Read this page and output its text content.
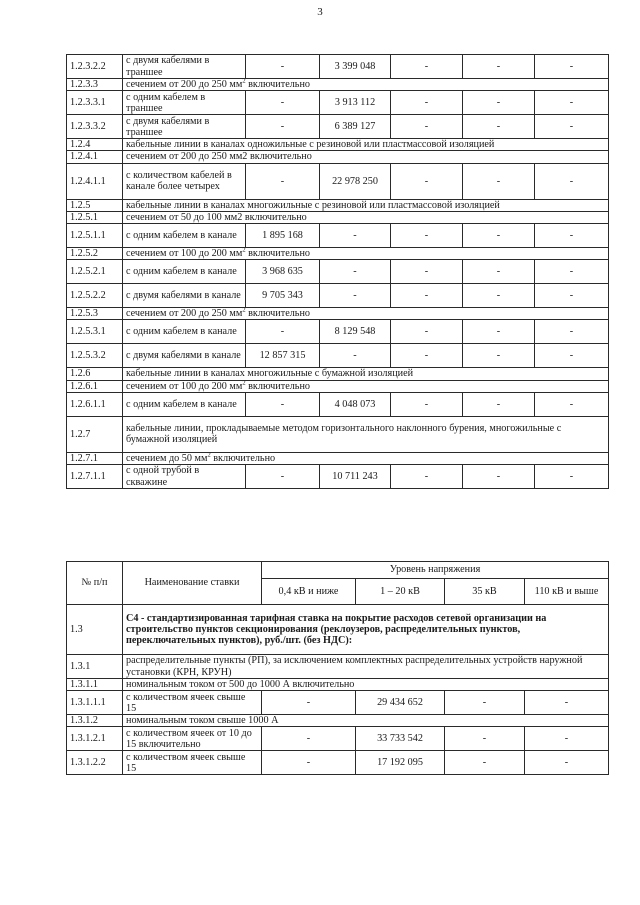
3
1.2.3.2.2	с двумя кабелями в траншее	-	3 399 048	-	-	-
1.2.3.3	сечением от 200 до 250 $мм^2$ включительно					
1.2.3.3.1	с одним кабелем в траншее	-	3 913 112	-	-	-
1.2.3.3.2	с двумя кабелями в траншее	-	6 389 127	-	-	-
1.2.4	кабельные линии в каналах одножильные с резиновой или пластмассовой изоляцией					
1.2.4.1	сечением от 200 до 250 мм2 включительно					
1.2.4.1.1	с количеством кабелей в канале более четырех	-	22 978 250	-	-	-
1.2.5	кабельные линии в каналах многожильные с резиновой или пластмассовой изоляцией					
1.2.5.1	сечением от 50 до 100 мм2 включительно					
1.2.5.1.1	с одним кабелем в канале	1 895 168	-	-	-	-
1.2.5.2	сечением от 100 до 200 $мм^2$ включительно					
1.2.5.2.1	с одним кабелем в канале	3 968 635	-	-	-	-
1.2.5.2.2	с двумя кабелями в канале	9 705 343	-	-	-	-
1.2.5.3	сечением от 200 до 250 $мм^2$ включительно					
1.2.5.3.1	с одним кабелем в канале	-	8 129 548	-	-	-
1.2.5.3.2	с двумя кабелями в канале	12 857 315	-	-	-	-
1.2.6	кабельные линии в каналах многожильные с бумажной изоляцией					
1.2.6.1	сечением от 100 до 200 $мм^2$ включительно					
1.2.6.1.1	с одним кабелем в канале	-	4 048 073	-	-	-
1.2.7	кабельные линии, прокладываемые методом горизонтального наклонного бурения, многожильные с бумажной изоляцией					
1.2.7.1	сечением до 50 $мм^2$ включительно					
1.2.7.1.1	с одной трубой в скважине	-	10 711 243	-	-	-
№ п/п	Наименование ставки	Уровень напряжения			
		0,4 кВ и ниже	1 – 20 кВ	35 кВ	110 кВ и выше
1.3	С4 - стандартизированная тарифная ставка на покрытие расходов сетевой организации на строительство пунктов секционирования (реклоузеров, распределительных пунктов, переключательных пунктов), руб./шт. (без НДС):				
1.3.1	распределительные пункты (РП), за исключением комплектных распределительных устройств наружной установки (КРН, КРУН)				
1.3.1.1	номинальным током от 500 до 1000 А включительно				
1.3.1.1.1	с количеством ячеек свыше 15	-	29 434 652	-	-
1.3.1.2	номинальным током свыше 1000 А				
1.3.1.2.1	с количеством ячеек от 10 до 15 включительно	-	33 733 542	-	-
1.3.1.2.2	с количеством ячеек свыше 15	-	17 192 095	-	-
